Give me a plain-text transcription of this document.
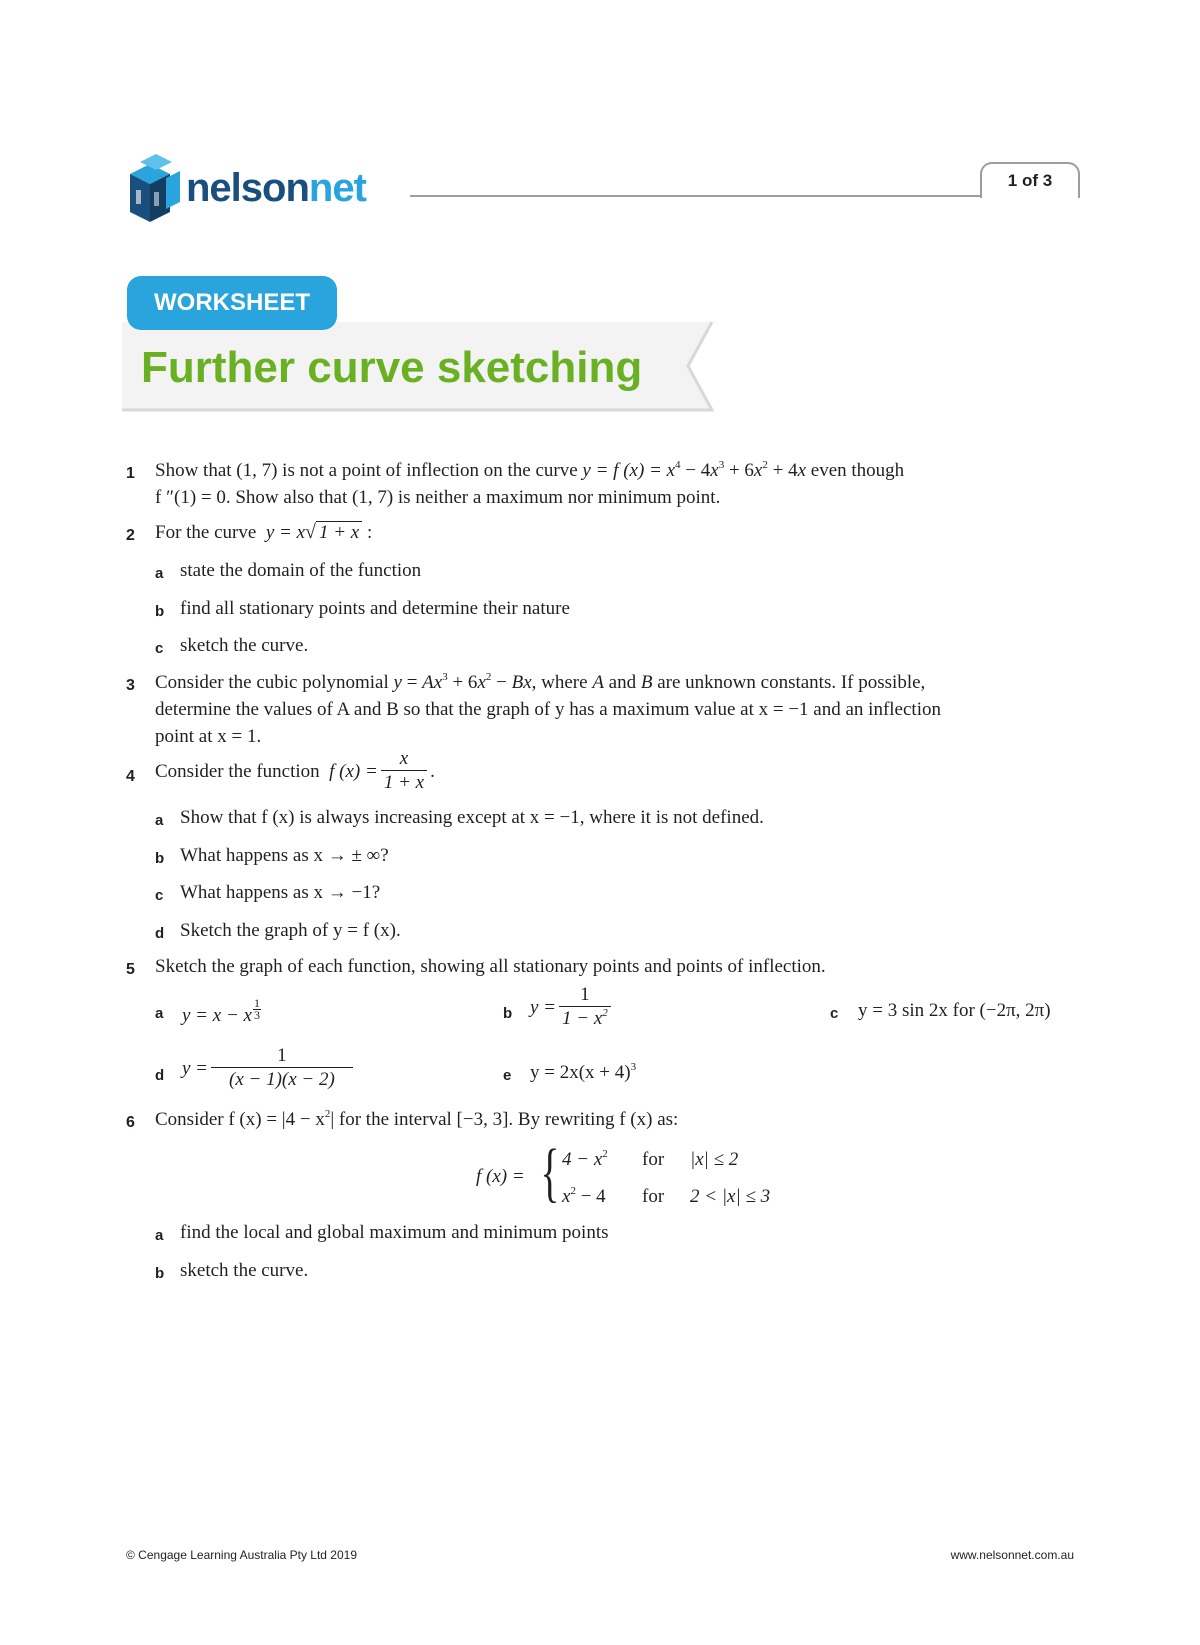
nelsonnet	1 of 3
WORKSHEET
Further curve sketching
1 Show that (1, 7) is not a point of inflection on the curve y = f $(x) = x^4 - 4x^3 + 6x^2 + 4x$ even though
f ″(1) = 0. Show also that (1, 7) is neither a maximum nor minimum point.
2 For the curve y = x√ 1 + x :
a state the domain of the function
b find all stationary points and determine their nature
c sketch the curve.
3 Consider the cubic polynomial $y = Ax^3 + 6x^2 - Bx$, where A and B are unknown constants. If possible,
determine the values of A and B so that the graph of y has a maximum value at x = −1 and an inflection
point at x = 1.
4 Consider the function f $(x) = \frac{x}{1 + x}$ .
a Show that f (x) is always increasing except at x = −1, where it is not defined.
b What happens as x → ± ∞?
c What happens as x → −1?
d Sketch the graph of y = f (x).
5 Sketch the graph of each function, showing all stationary points and points of inflection.
a y = x − x $\frac{1}{3}$	b $y = \frac{1}{1 - x^2}$	c y = 3 sin 2x for (−2π, 2π)
d $y = \frac{1}{(x - 1)(x - 2)}$	e $y = 2x(x + 4)^3$
6 Consider f $(x) = |4 - x^2|$ for the interval [−3, 3]. By rewriting f (x) as:
f (x) = { $4 - x^2$ for |x| ≤ 2
$x^2 - 4$ for 2 < |x| ≤ 3
a find the local and global maximum and minimum points
b sketch the curve.
© Cengage Learning Australia Pty Ltd 2019	www.nelsonnet.com.au
